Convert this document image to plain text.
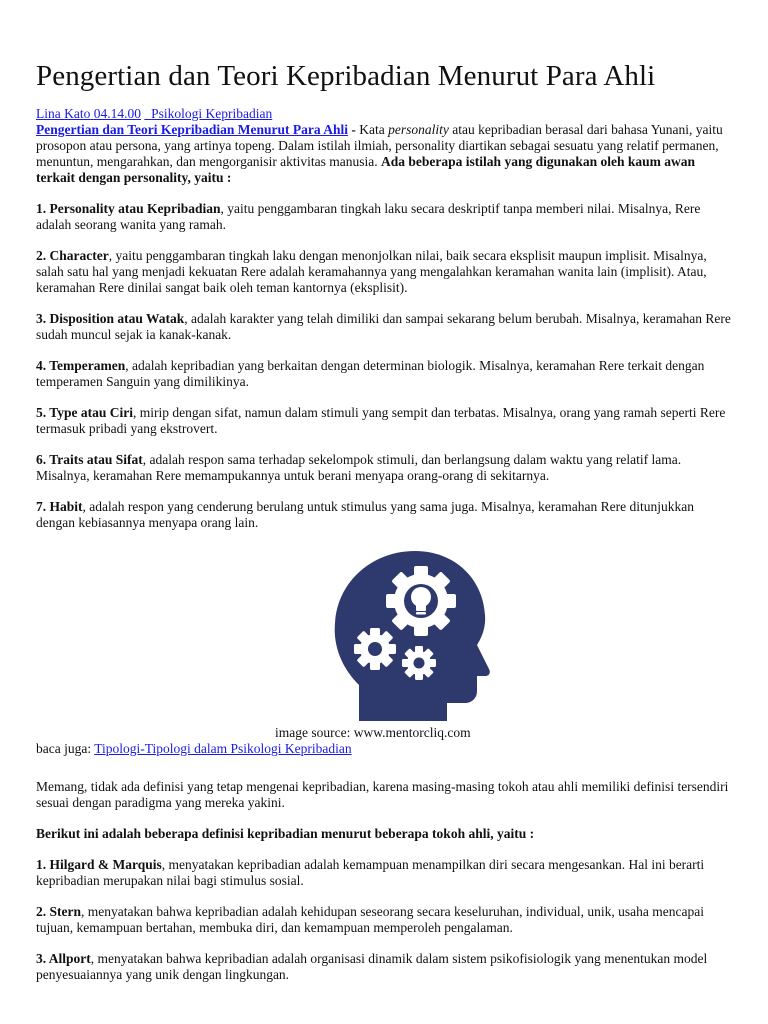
Pengertian dan Teori Kepribadian Menurut Para Ahli

Lina Kato 04.14.00 Psikologi Kepribadian

Pengertian dan Teori Kepribadian Menurut Para Ahli - Kata personality atau kepribadian berasal dari bahasa Yunani, yaitu prosopon atau persona, yang artinya topeng. Dalam istilah ilmiah, personality diartikan sebagai sesuatu yang relatif permanen, menuntun, mengarahkan, dan mengorganisir aktivitas manusia. Ada beberapa istilah yang digunakan oleh kaum awan terkait dengan personality, yaitu :

1. Personality atau Kepribadian, yaitu penggambaran tingkah laku secara deskriptif tanpa memberi nilai. Misalnya, Rere adalah seorang wanita yang ramah.

2. Character, yaitu penggambaran tingkah laku dengan menonjolkan nilai, baik secara eksplisit maupun implisit. Misalnya, salah satu hal yang menjadi kekuatan Rere adalah keramahannya yang mengalahkan keramahan wanita lain (implisit). Atau, keramahan Rere dinilai sangat baik oleh teman kantornya (eksplisit).

3. Disposition atau Watak, adalah karakter yang telah dimiliki dan sampai sekarang belum berubah. Misalnya, keramahan Rere sudah muncul sejak ia kanak-kanak.

4. Temperamen, adalah kepribadian yang berkaitan dengan determinan biologik. Misalnya, keramahan Rere terkait dengan temperamen Sanguin yang dimilikinya.

5. Type atau Ciri, mirip dengan sifat, namun dalam stimuli yang sempit dan terbatas. Misalnya, orang yang ramah seperti Rere termasuk pribadi yang ekstrovert.

6. Traits atau Sifat, adalah respon sama terhadap sekelompok stimuli, dan berlangsung dalam waktu yang relatif lama. Misalnya, keramahan Rere memampukannya untuk berani menyapa orang-orang di sekitarnya.

7. Habit, adalah respon yang cenderung berulang untuk stimulus yang sama juga. Misalnya, keramahan Rere ditunjukkan dengan kebiasannya menyapa orang lain.

image source: www.mentorcliq.com

baca juga: Tipologi-Tipologi dalam Psikologi Kepribadian

Memang, tidak ada definisi yang tetap mengenai kepribadian, karena masing-masing tokoh atau ahli memiliki definisi tersendiri sesuai dengan paradigma yang mereka yakini.

Berikut ini adalah beberapa definisi kepribadian menurut beberapa tokoh ahli, yaitu :

1. Hilgard & Marquis, menyatakan kepribadian adalah kemampuan menampilkan diri secara mengesankan. Hal ini berarti kepribadian merupakan nilai bagi stimulus sosial.

2. Stern, menyatakan bahwa kepribadian adalah kehidupan seseorang secara keseluruhan, individual, unik, usaha mencapai tujuan, kemampuan bertahan, membuka diri, dan kemampuan memperoleh pengalaman.

3. Allport, menyatakan bahwa kepribadian adalah organisasi dinamik dalam sistem psikofisiologik yang menentukan model penyesuaiannya yang unik dengan lingkungan.
